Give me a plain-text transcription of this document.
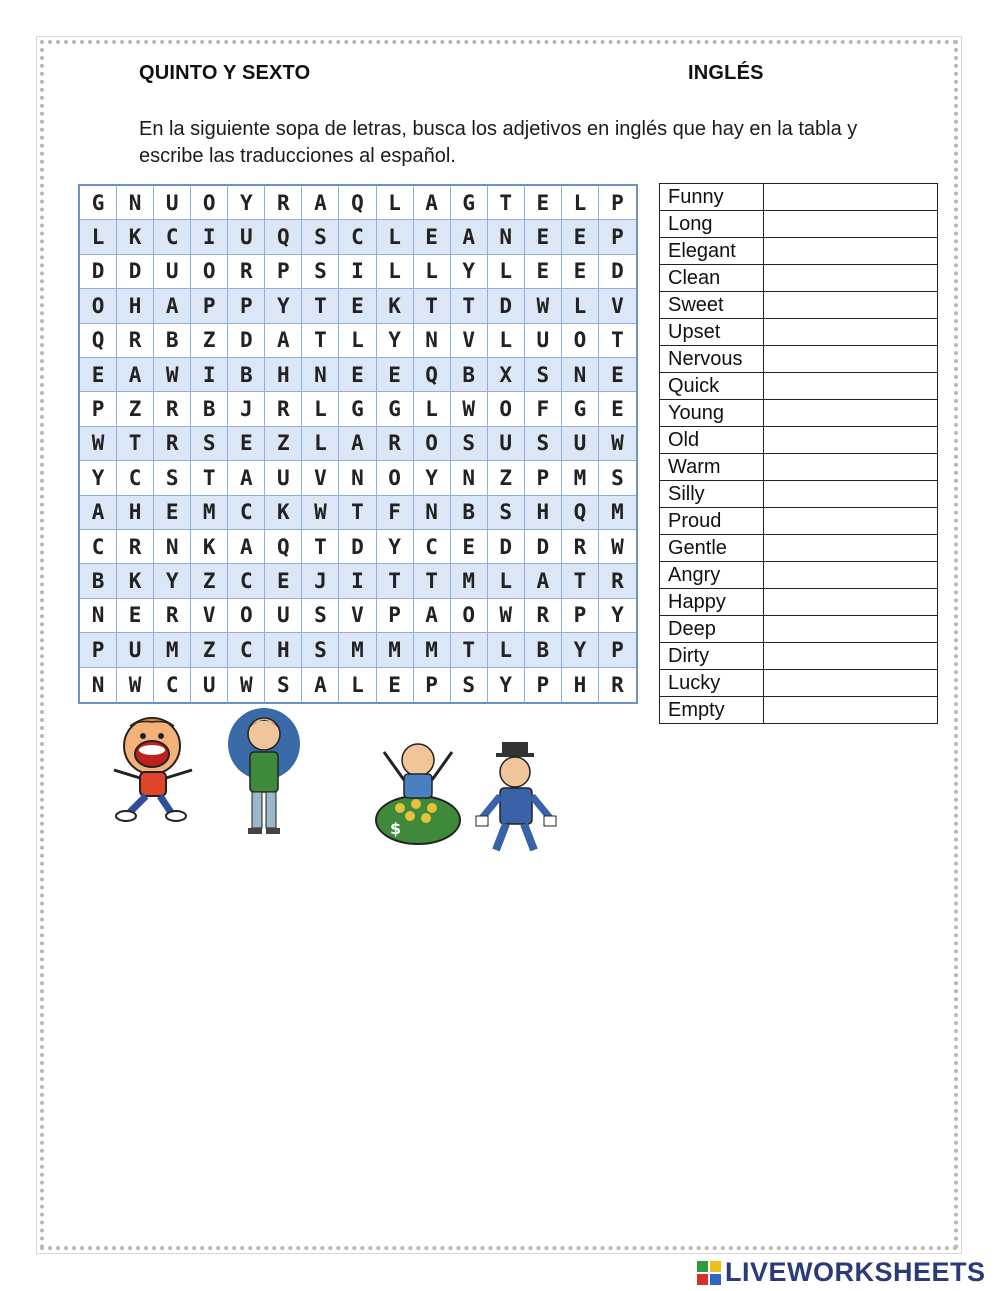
QUINTO Y SEXTO	INGLÉS
En la siguiente sopa de letras, busca los adjetivos en inglés que hay en la tabla y escribe las traducciones al español.
G	N	U	O	Y	R	A	Q	L	A	G	T	E	L	P
L	K	C	I	U	Q	S	C	L	E	A	N	E	E	P
D	D	U	O	R	P	S	I	L	L	Y	L	E	E	D
O	H	A	P	P	Y	T	E	K	T	T	D	W	L	V
Q	R	B	Z	D	A	T	L	Y	N	V	L	U	O	T
E	A	W	I	B	H	N	E	E	Q	B	X	S	N	E
P	Z	R	B	J	R	L	G	G	L	W	O	F	G	E
W	T	R	S	E	Z	L	A	R	O	S	U	S	U	W
Y	C	S	T	A	U	V	N	O	Y	N	Z	P	M	S
A	H	E	M	C	K	W	T	F	N	B	S	H	Q	M
C	R	N	K	A	Q	T	D	Y	C	E	D	D	R	W
B	K	Y	Z	C	E	J	I	T	T	M	L	A	T	R
N	E	R	V	O	U	S	V	P	A	O	W	R	P	Y
P	U	M	Z	C	H	S	M	M	M	T	L	B	Y	P
N	W	C	U	W	S	A	L	E	P	S	Y	P	H	R
Funny	
Long	
Elegant	
Clean	
Sweet	
Upset	
Nervous	
Quick	
Young	
Old	
Warm	
Silly	
Proud	
Gentle	
Angry	
Happy	
Deep	
Dirty	
Lucky	
Empty	
$
LIVEWORKSHEETS
